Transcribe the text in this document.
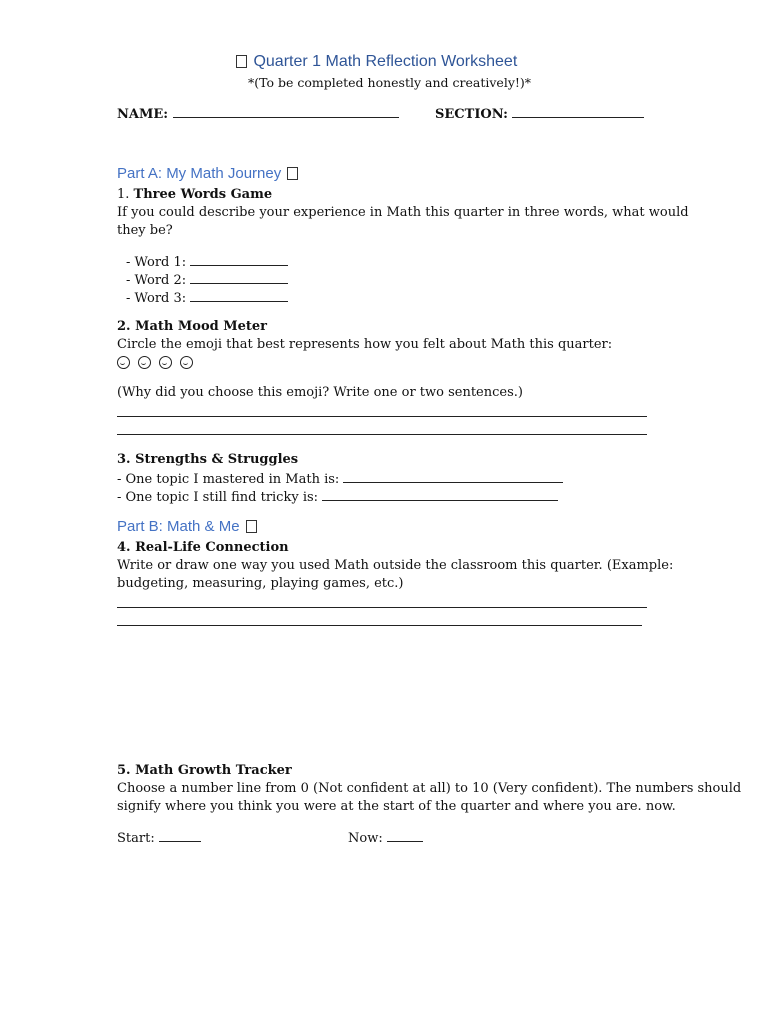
Quarter 1 Math Reflection Worksheet
*(To be completed honestly and creatively!)*
NAME:	SECTION:
Part A: My Math Journey
1. Three Words Game
If you could describe your experience in Math this quarter in three words, what would
they be?
- Word 1:
- Word 2:
- Word 3:
2. Math Mood Meter
Circle the emoji that best represents how you felt about Math this quarter:

(Why did you choose this emoji? Write one or two sentences.)
3. Strengths & Struggles
- One topic I mastered in Math is:
- One topic I still find tricky is:
Part B: Math & Me
4. Real-Life Connection
Write or draw one way you used Math outside the classroom this quarter. (Example:
budgeting, measuring, playing games, etc.)
5. Math Growth Tracker
Choose a number line from 0 (Not confident at all) to 10 (Very confident). The numbers should
signify where you think you were at the start of the quarter and where you are. now.
Start:	Now:
